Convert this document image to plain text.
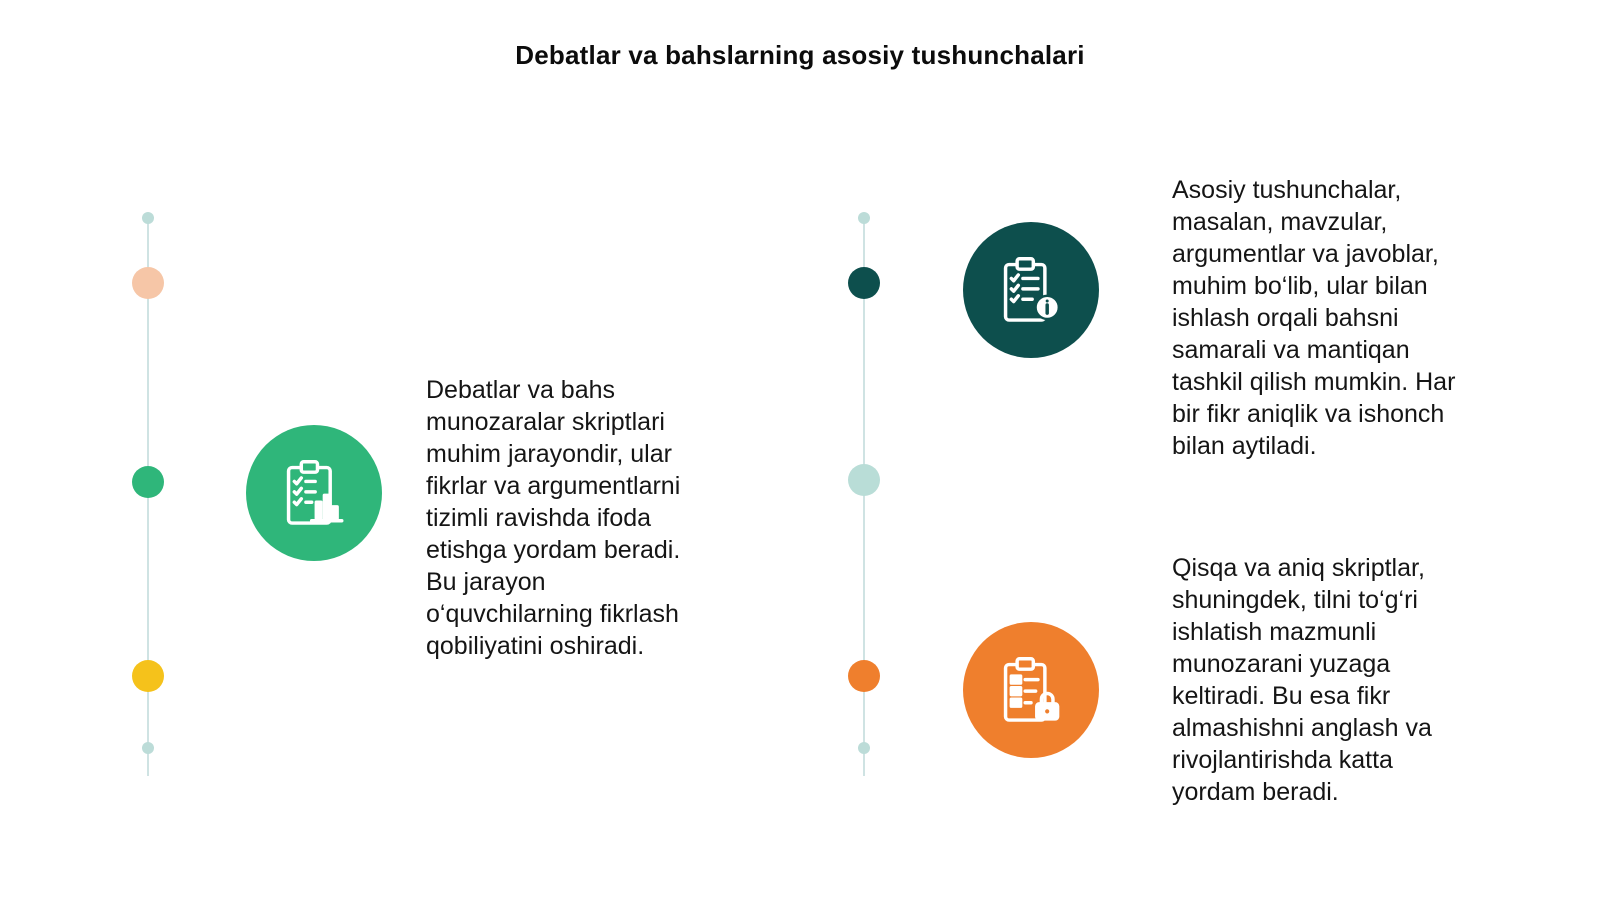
Debatlar va bahslarning asosiy tushunchalari
Debatlar va bahs
munozaralar skriptlari
muhim jarayondir, ular
fikrlar va argumentlarni
tizimli ravishda ifoda
etishga yordam beradi.
Bu jarayon
o‘quvchilarning fikrlash
qobiliyatini oshiradi.
Asosiy tushunchalar,
masalan, mavzular,
argumentlar va javoblar,
muhim bo‘lib, ular bilan
ishlash orqali bahsni
samarali va mantiqan
tashkil qilish mumkin. Har
bir fikr aniqlik va ishonch
bilan aytiladi.
Qisqa va aniq skriptlar,
shuningdek, tilni to‘g‘ri
ishlatish mazmunli
munozarani yuzaga
keltiradi. Bu esa fikr
almashishni anglash va
rivojlantirishda katta
yordam beradi.
